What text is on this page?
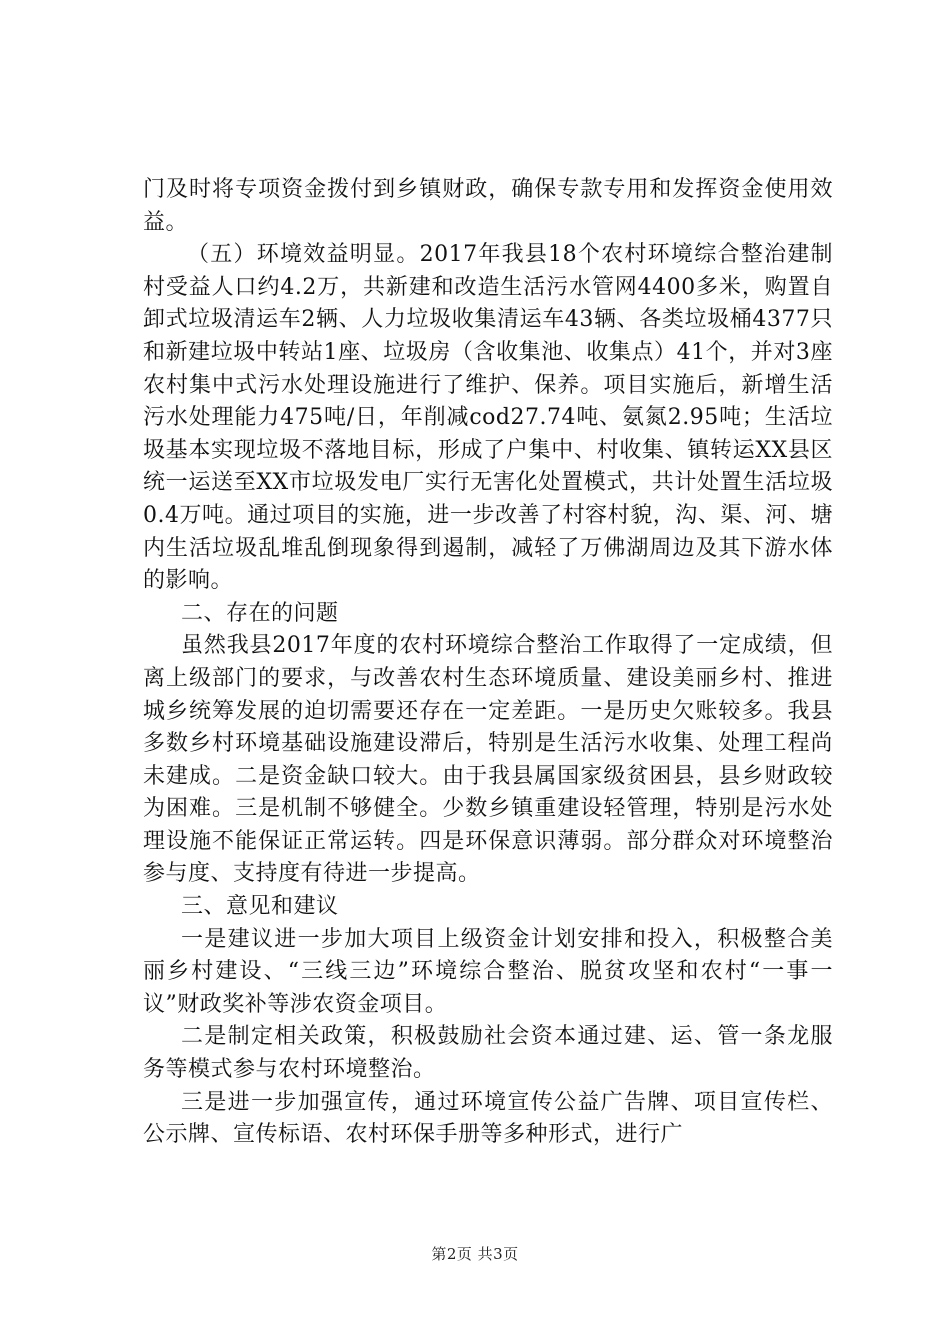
门及时将专项资金拨付到乡镇财政，确保专款专用和发挥资金使用效益。

（五）环境效益明显。2017年我县18个农村环境综合整治建制村受益人口约4.2万，共新建和改造生活污水管网4400多米，购置自卸式垃圾清运车2辆、人力垃圾收集清运车43辆、各类垃圾桶4377只和新建垃圾中转站1座、垃圾房（含收集池、收集点）41个，并对3座农村集中式污水处理设施进行了维护、保养。项目实施后，新增生活污水处理能力475吨/日，年削减cod27.74吨、氨氮2.95吨；生活垃圾基本实现垃圾不落地目标，形成了户集中、村收集、镇转运XX县区统一运送至XX市垃圾发电厂实行无害化处置模式，共计处置生活垃圾0.4万吨。通过项目的实施，进一步改善了村容村貌，沟、渠、河、塘内生活垃圾乱堆乱倒现象得到遏制，减轻了万佛湖周边及其下游水体的影响。

二、存在的问题

虽然我县2017年度的农村环境综合整治工作取得了一定成绩，但离上级部门的要求，与改善农村生态环境质量、建设美丽乡村、推进城乡统筹发展的迫切需要还存在一定差距。一是历史欠账较多。我县多数乡村环境基础设施建设滞后，特别是生活污水收集、处理工程尚未建成。二是资金缺口较大。由于我县属国家级贫困县，县乡财政较为困难。三是机制不够健全。少数乡镇重建设轻管理，特别是污水处理设施不能保证正常运转。四是环保意识薄弱。部分群众对环境整治参与度、支持度有待进一步提高。

三、意见和建议

一是建议进一步加大项目上级资金计划安排和投入，积极整合美丽乡村建设、“三线三边”环境综合整治、脱贫攻坚和农村“一事一议”财政奖补等涉农资金项目。

二是制定相关政策，积极鼓励社会资本通过建、运、管一条龙服务等模式参与农村环境整治。

三是进一步加强宣传，通过环境宣传公益广告牌、项目宣传栏、公示牌、宣传标语、农村环保手册等多种形式，进行广

第2页 共3页
